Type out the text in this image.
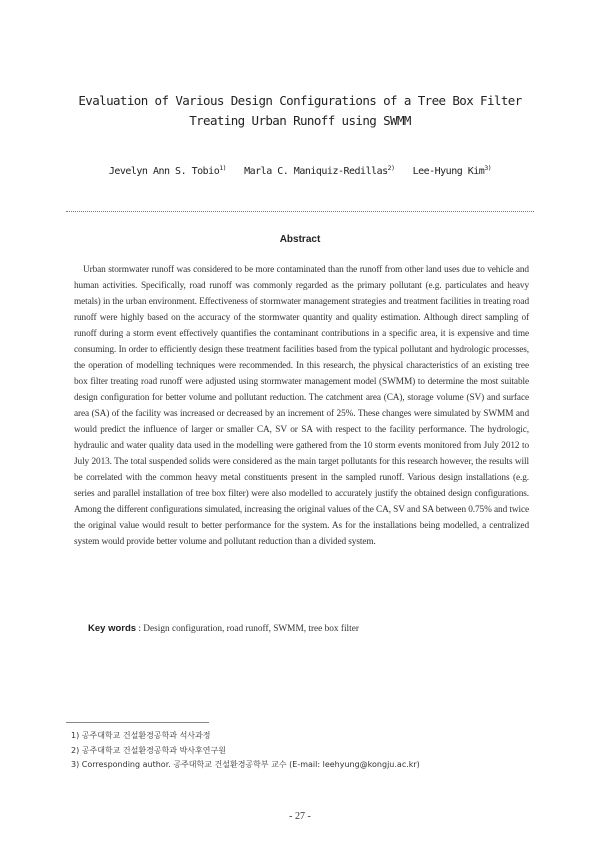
Evaluation of Various Design Configurations of a Tree Box Filter
Treating Urban Runoff using SWMM
Jevelyn Ann S. Tobio$^{1)}$ Marla C. Maniquiz-Redillas$^{2)}$ Lee-Hyung Kim$^{3)}$
Abstract

Urban stormwater runoff was considered to be more contaminated than the runoff from other land uses due to vehicle and human activities. Specifically, road runoff was commonly regarded as the primary pollutant (e.g. particulates and heavy metals) in the urban environment. Effectiveness of stormwater management strategies and treatment facilities in treating road runoff were highly based on the accuracy of the stormwater quantity and quality estimation. Although direct sampling of runoff during a storm event effectively quantifies the contaminant contributions in a specific area, it is expensive and time consuming. In order to efficiently design these treatment facilities based from the typical pollutant and hydrologic processes, the operation of modelling techniques were recommended. In this research, the physical characteristics of an existing tree box filter treating road runoff were adjusted using stormwater management model (SWMM) to determine the most suitable design configuration for better volume and pollutant reduction. The catchment area (CA), storage volume (SV) and surface area (SA) of the facility was increased or decreased by an increment of 25%. These changes were simulated by SWMM and would predict the influence of larger or smaller CA, SV or SA with respect to the facility performance. The hydrologic, hydraulic and water quality data used in the modelling were gathered from the 10 storm events monitored from July 2012 to July 2013. The total suspended solids were considered as the main target pollutants for this research however, the results will be correlated with the common heavy metal constituents present in the sampled runoff. Various design installations (e.g. series and parallel installation of tree box filter) were also modelled to accurately justify the obtained design configurations. Among the different configurations simulated, increasing the original values of the CA, SV and SA between 0.75% and twice the original value would result to better performance for the system. As for the installations being modelled, a centralized system would provide better volume and pollutant reduction than a divided system.

Key words : Design configuration, road runoff, SWMM, tree box filter
1) 공주대학교 건설환경공학과 석사과정
2) 공주대학교 건설환경공학과 박사후연구원
3) Corresponding author. 공주대학교 건설환경공학부 교수 (E-mail: leehyung@kongju.ac.kr)
- 27 -
